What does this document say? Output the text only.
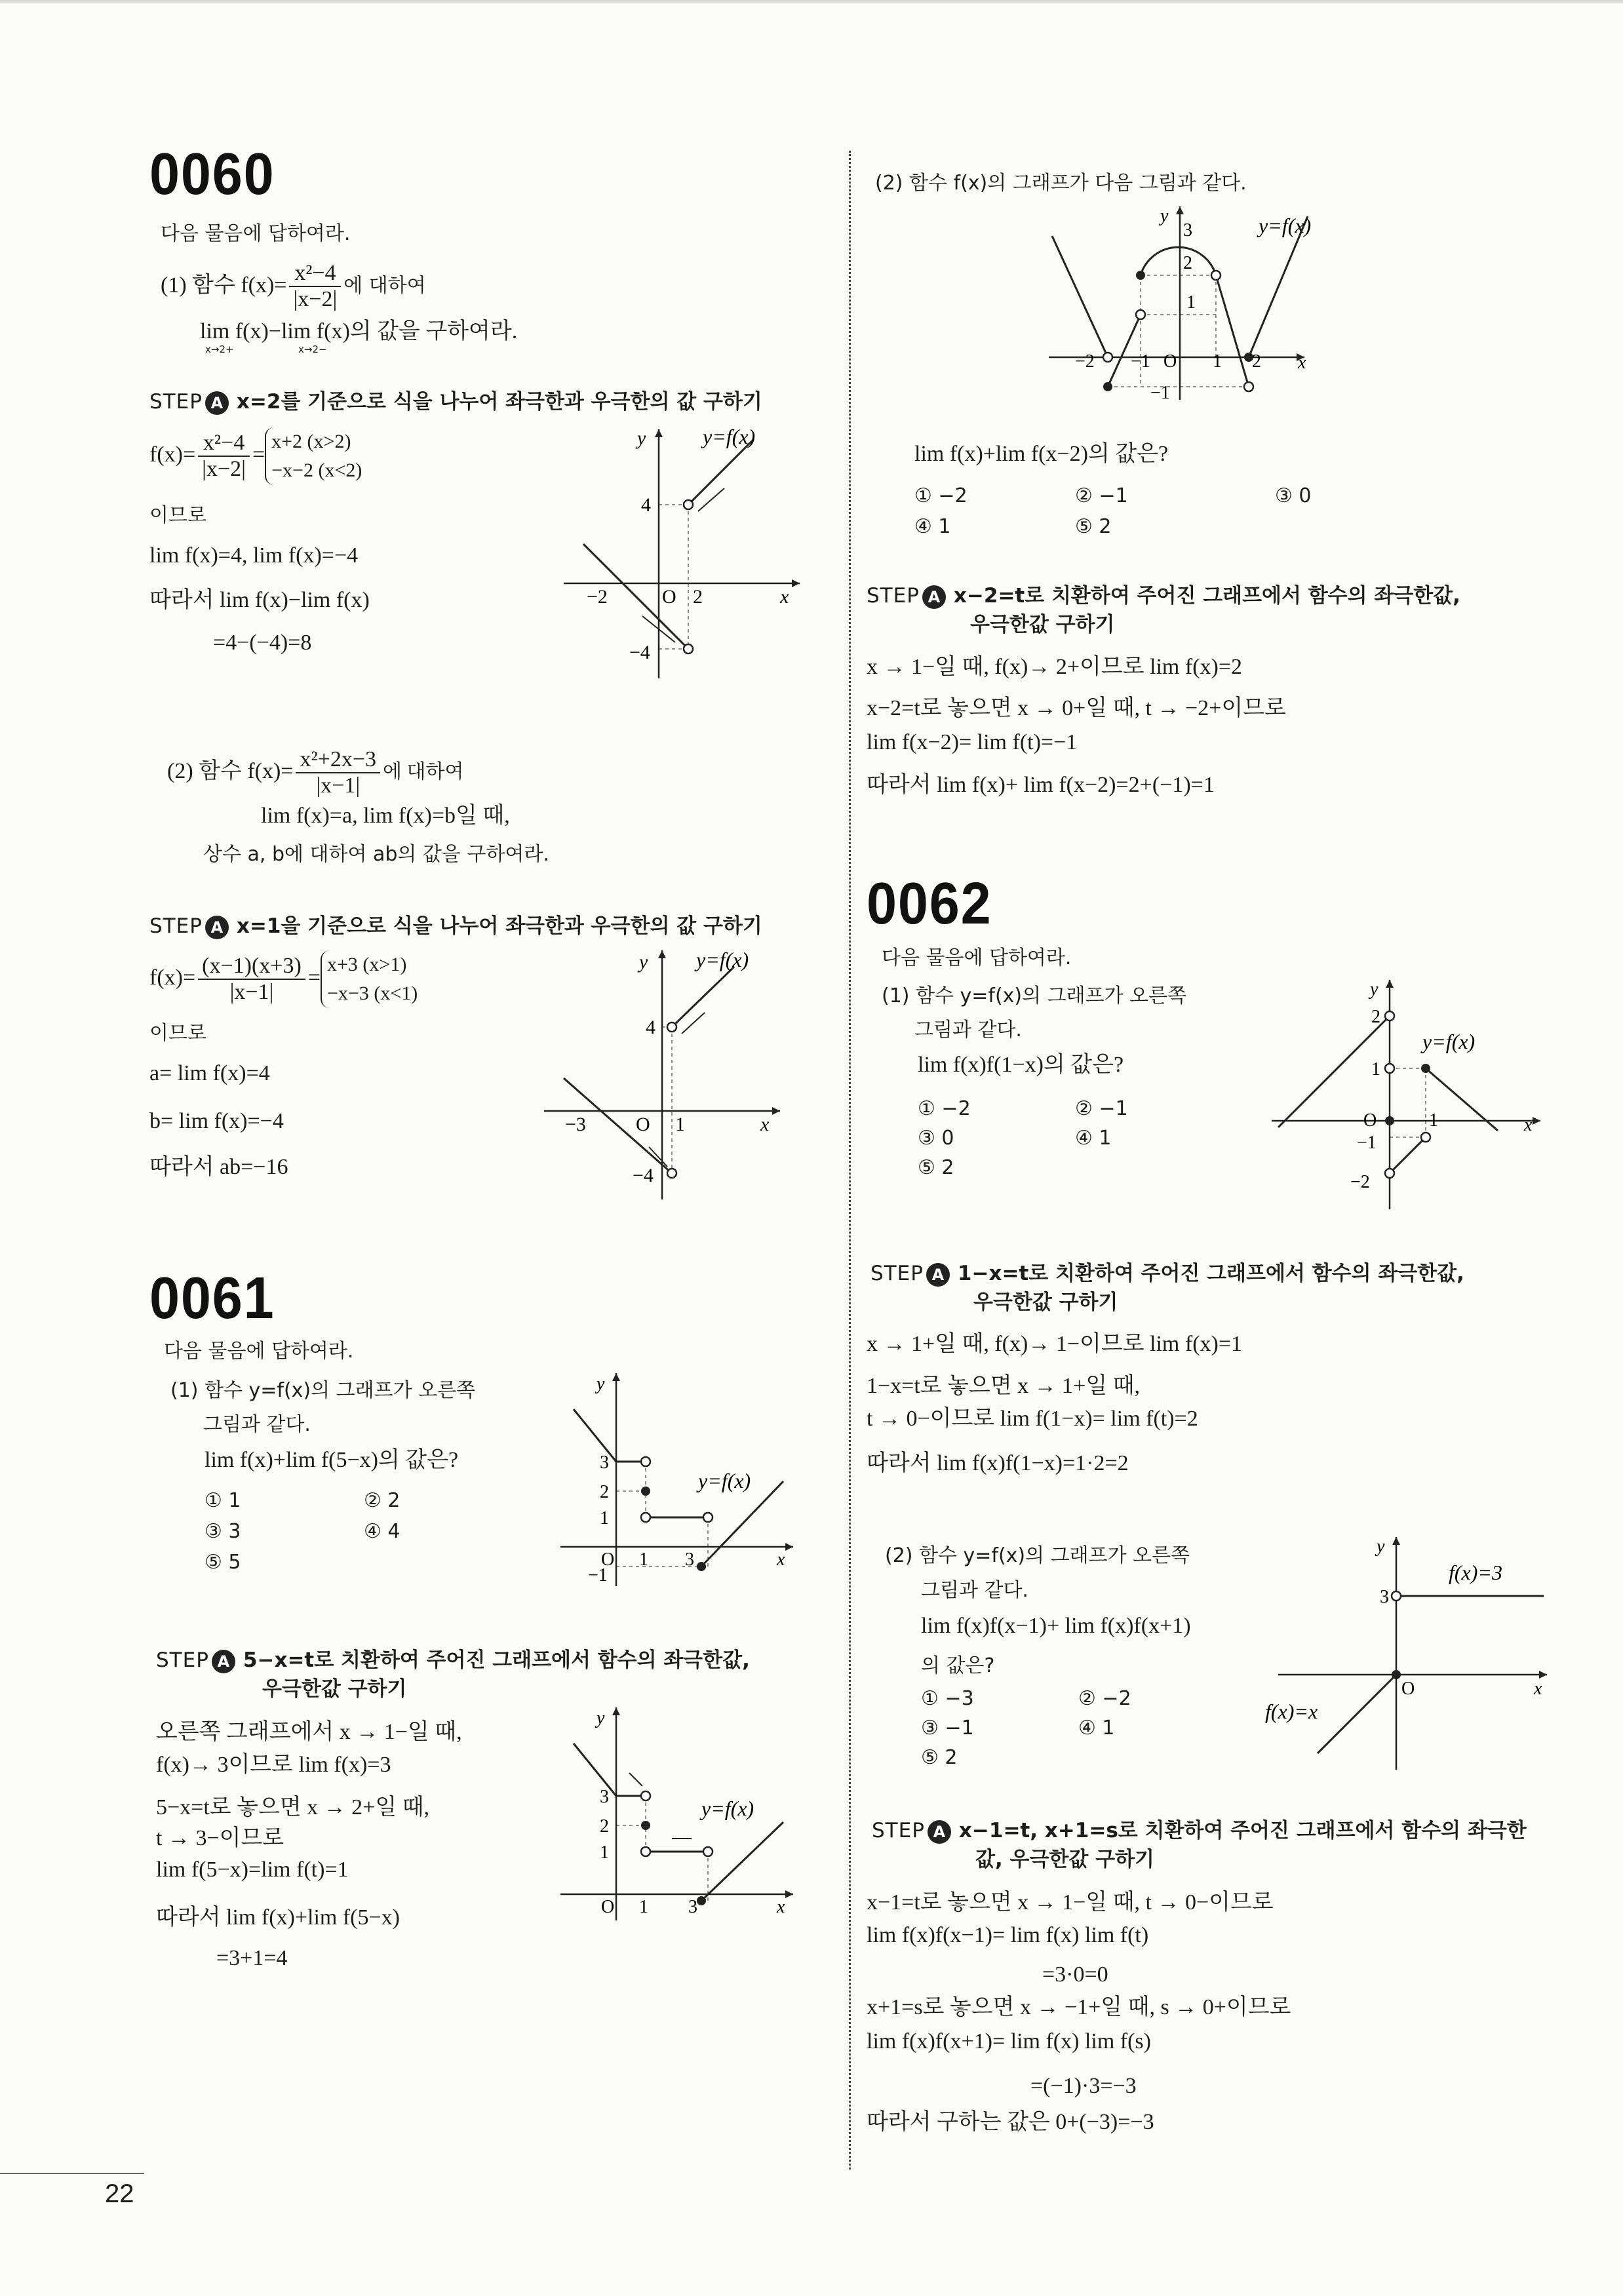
0060
다음 물음에 답하여라.
(1) 함수 $f(x)= \frac{\text{x²−4}}{|x-2|}$ 에 대하여
lim f(x)−lim f(x)의 값을 구하여라.
x→2+	x→2−
STEP A x=2를 기준으로 식을 나누어 좌극한과 우극한의 값 구하기
$f(x)= \frac{\text{x²−4}}{|x-2|}$ =
x+2 (x>2)
−x−2 (x<2)
이므로
lim f(x)=4, lim f(x)=−4
따라서 lim f(x)−lim f(x)
=4−(−4)=8
y=f(x)
4
−4
−2	O 2	x
y
(2) 함수 $f(x)= \frac{\text{x²+2x−3}}{|x-1|}$ 에 대하여
lim f(x)=a, lim f(x)=b일 때,
상수 a, b에 대하여 ab의 값을 구하여라.
STEP A x=1을 기준으로 식을 나누어 좌극한과 우극한의 값 구하기
$f(x)= \frac{(x-1)(x+3)}{|x-1|}$ =
x+3 (x>1)
−x−3 (x<1)
이므로
a= lim f(x)=4
b= lim f(x)=−4
따라서 ab=−16
y=f(x)
4
−4
−3	O 1	x
y
0061
다음 물음에 답하여라.
(1) 함수 y=f(x)의 그래프가 오른쪽
그림과 같다.
lim f(x)+lim f(5−x)의 값은?
① 1	② 2
③ 3	④ 4
⑤ 5
y=f(x)
3
2
1
O 1 3
−1
x
y
STEP A 5−x=t로 치환하여 주어진 그래프에서 함수의 좌극한값,
우극한값 구하기
오른쪽 그래프에서 x → 1−일 때,
f(x)→ 3이므로 lim f(x)=3
5−x=t로 놓으면 x → 2+일 때,
t → 3−이므로
lim f(5−x)=lim f(t)=1
따라서 lim f(x)+lim f(5−x)
=3+1=4
y=f(x)
3
2
1
O 1 3	x
y
(2) 함수 f(x)의 그래프가 다음 그림과 같다.
y=f(x)
3
2
1
−2 −1 O 1 2
−1
x
y
lim f(x)+lim f(x−2)의 값은?
① −2	② −1	③ 0
④ 1	⑤ 2
STEP A x−2=t로 치환하여 주어진 그래프에서 함수의 좌극한값,
우극한값 구하기
x → 1−일 때, f(x)→ 2+이므로 lim f(x)=2
x−2=t로 놓으면 x → 0+일 때, t → −2+이므로
lim f(x−2)= lim f(t)=−1
따라서 lim f(x)+ lim f(x−2)=2+(−1)=1
0062
다음 물음에 답하여라.
(1) 함수 y=f(x)의 그래프가 오른쪽
그림과 같다.
lim f(x)f(1−x)의 값은?
① −2	② −1
③ 0	④ 1
⑤ 2
y=f(x)
2
1
O	1
−1
−2
x
y
STEP A 1−x=t로 치환하여 주어진 그래프에서 함수의 좌극한값,
우극한값 구하기
x → 1+일 때, f(x)→ 1−이므로 lim f(x)=1
1−x=t로 놓으면 x → 1+일 때,
t → 0−이므로 lim f(1−x)= lim f(t)=2
따라서 lim f(x)f(1−x)=1·2=2
(2) 함수 y=f(x)의 그래프가 오른쪽
그림과 같다.
lim f(x)f(x−1)+ lim f(x)f(x+1)
의 값은?
① −3	② −2
③ −1	④ 1
⑤ 2
f(x)=3
f(x)=x
3
O	x
y
STEP A x−1=t, x+1=s로 치환하여 주어진 그래프에서 함수의 좌극한
값, 우극한값 구하기
x−1=t로 놓으면 x → 1−일 때, t → 0−이므로
lim f(x)f(x−1)= lim f(x) lim f(t)
=3·0=0
x+1=s로 놓으면 x → −1+일 때, s → 0+이므로
lim f(x)f(x+1)= lim f(x) lim f(s)
=(−1)·3=−3
따라서 구하는 값은 0+(−3)=−3
22
